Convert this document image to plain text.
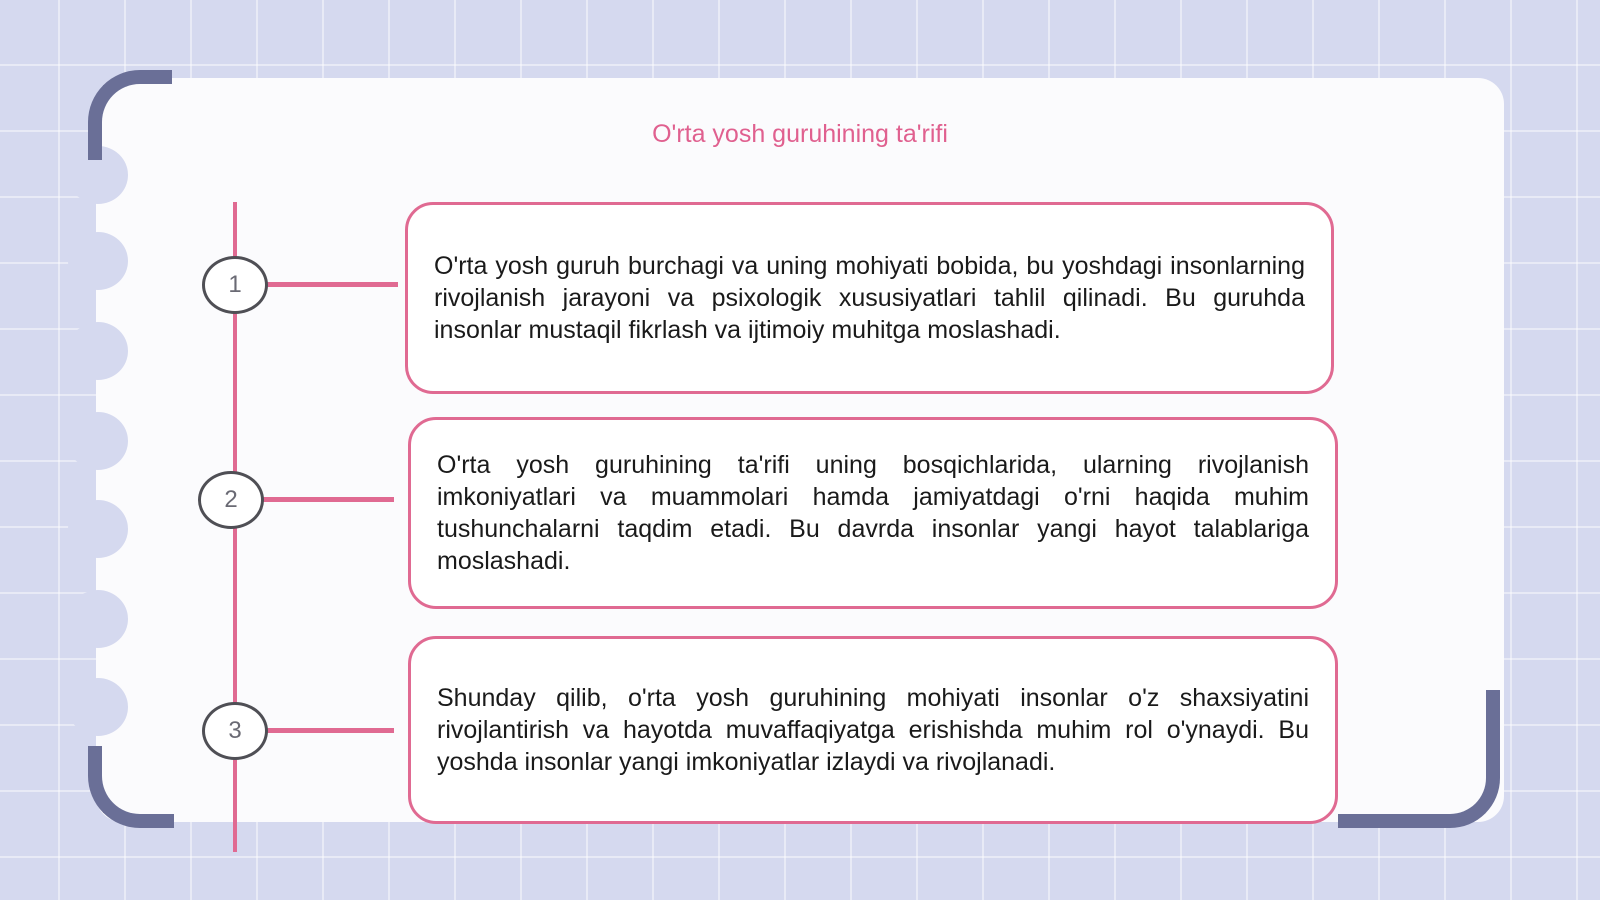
O'rta yosh guruhining ta'rifi
1
O'rta yosh guruh burchagi va uning mohiyati bobida, bu yoshdagi insonlarning rivojlanish jarayoni va psixologik xususiyatlari tahlil qilinadi. Bu guruhda insonlar mustaqil fikrlash va ijtimoiy muhitga moslashadi.
2
O'rta yosh guruhining ta'rifi uning bosqichlarida, ularning rivojlanish imkoniyatlari va muammolari hamda jamiyatdagi o'rni haqida muhim tushunchalarni taqdim etadi. Bu davrda insonlar yangi hayot talablariga moslashadi.
3
Shunday qilib, o'rta yosh guruhining mohiyati insonlar o'z shaxsiyatini rivojlantirish va hayotda muvaffaqiyatga erishishda muhim rol o'ynaydi. Bu yoshda insonlar yangi imkoniyatlar izlaydi va rivojlanadi.
